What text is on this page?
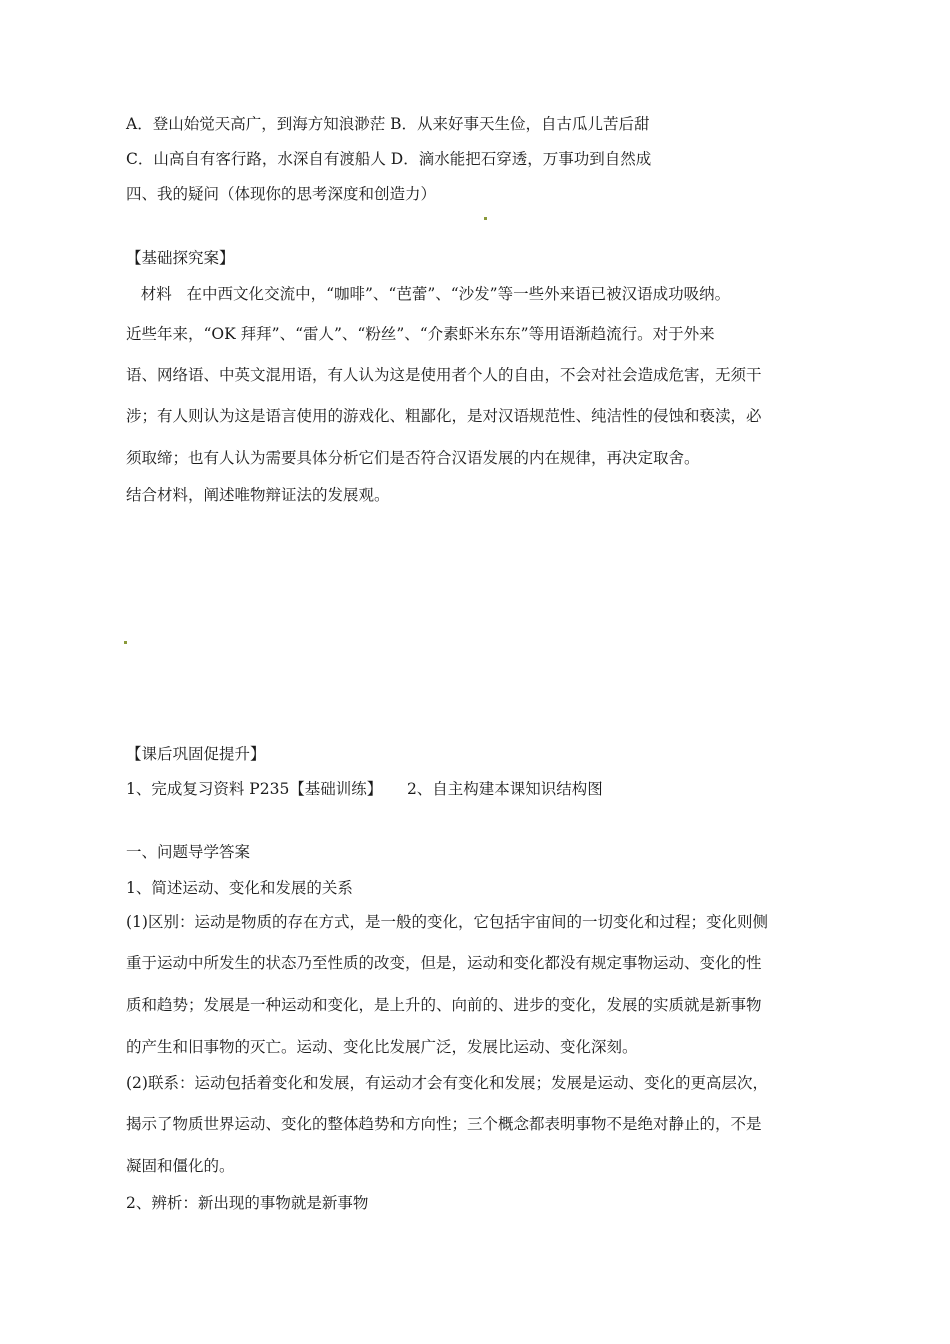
A．登山始觉天高广，到海方知浪渺茫 B．从来好事天生俭，自古瓜儿苦后甜
C．山高自有客行路，水深自有渡船人 D．滴水能把石穿透，万事功到自然成
四、我的疑问（体现你的思考深度和创造力）
【基础探究案】
材料   在中西文化交流中，“咖啡”、“芭蕾”、“沙发”等一些外来语已被汉语成功吸纳。
近些年来，“OK 拜拜”、“雷人”、“粉丝”、“介素虾米东东”等用语渐趋流行。对于外来
语、网络语、中英文混用语，有人认为这是使用者个人的自由，不会对社会造成危害，无须干
涉；有人则认为这是语言使用的游戏化、粗鄙化，是对汉语规范性、纯洁性的侵蚀和亵渎，必
须取缔；也有人认为需要具体分析它们是否符合汉语发展的内在规律，再决定取舍。
结合材料，阐述唯物辩证法的发展观。
【课后巩固促提升】
1、完成复习资料 P235【基础训练】     2、自主构建本课知识结构图
一、问题导学答案
1、简述运动、变化和发展的关系
(1)区别：运动是物质的存在方式，是一般的变化，它包括宇宙间的一切变化和过程；变化则侧
重于运动中所发生的状态乃至性质的改变，但是，运动和变化都没有规定事物运动、变化的性
质和趋势；发展是一种运动和变化，是上升的、向前的、进步的变化，发展的实质就是新事物
的产生和旧事物的灭亡。运动、变化比发展广泛，发展比运动、变化深刻。
(2)联系：运动包括着变化和发展，有运动才会有变化和发展；发展是运动、变化的更高层次，
揭示了物质世界运动、变化的整体趋势和方向性；三个概念都表明事物不是绝对静止的，不是
凝固和僵化的。
2、辨析：新出现的事物就是新事物
